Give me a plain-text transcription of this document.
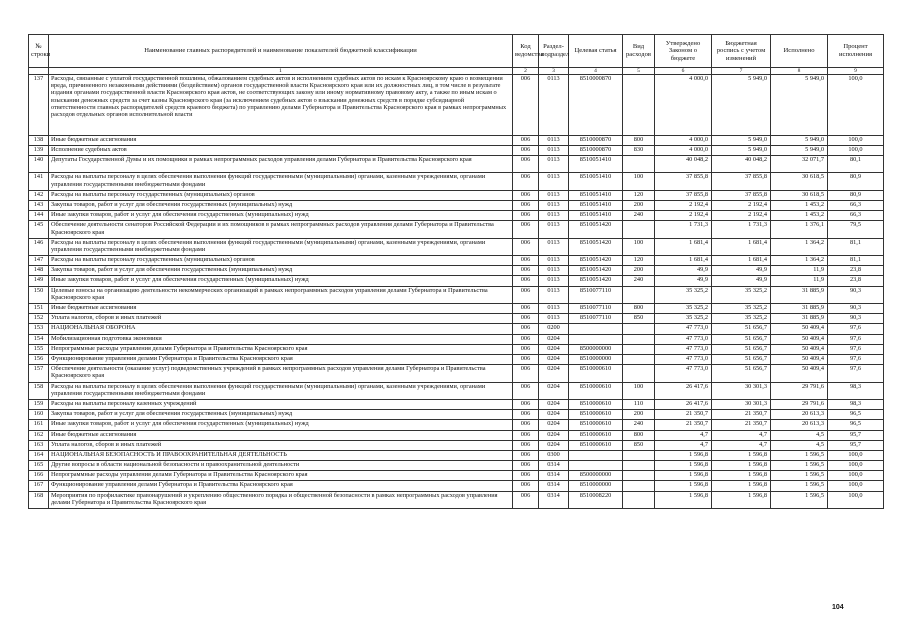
№ строки	Наименование главных распорядителей и наименование показателей бюджетной классификации	Код ведомства	Раздел-подраздел	Целевая статья	Вид расходов	Утверждено Законом о бюджете	Бюджетная роспись с учетом изменений	Исполнено	Процент исполнения
	1	2	3	4	5	6	7	8	9
137	Расходы, связанные с уплатой государственной пошлины, обжалованием судебных актов и исполнением судебных актов по искам к Красноярскому краю о возмещении вреда, причиненного незаконными действиями (бездействием) органов государственной власти Красноярского края или их должностных лиц, в том числе в результате издания органами государственной власти Красноярского края актов, не соответствующих закону или иному нормативному правовому акту, а также по иным искам о взыскании денежных средств за счет казны Красноярского края (за исключением судебных актов о взыскании денежных средств в порядке субсидиарной ответственности главных распорядителей средств краевого бюджета) по управлению делами Губернатора и Правительства Красноярского края в рамках непрограммных расходов отдельных органов исполнительной власти	006	0113	8510000870		4 000,0	5 949,0	5 949,0	100,0
138	Иные бюджетные ассигнования	006	0113	8510000870	800	4 000,0	5 949,0	5 949,0	100,0
139	Исполнение судебных актов	006	0113	8510000870	830	4 000,0	5 949,0	5 949,0	100,0
140	Депутаты Государственной Думы и их помощники в рамках непрограммных расходов управления делами Губернатора и Правительства Красноярского края	006	0113	8510051410		40 048,2	40 048,2	32 071,7	80,1
141	Расходы на выплаты персоналу в целях обеспечения выполнения функций государственными (муниципальными) органами, казенными учреждениями, органами управления государственными внебюджетными фондами	006	0113	8510051410	100	37 855,8	37 855,8	30 618,5	80,9
142	Расходы на выплаты персоналу государственных (муниципальных) органов	006	0113	8510051410	120	37 855,8	37 855,8	30 618,5	80,9
143	Закупка товаров, работ и услуг для обеспечения государственных (муниципальных) нужд	006	0113	8510051410	200	2 192,4	2 192,4	1 453,2	66,3
144	Иные закупки товаров, работ и услуг для обеспечения государственных (муниципальных) нужд	006	0113	8510051410	240	2 192,4	2 192,4	1 453,2	66,3
145	Обеспечение деятельности сенаторов Российской Федерации и их помощников в рамках непрограммных расходов управления делами Губернатора и Правительства Красноярского края	006	0113	8510051420		1 731,3	1 731,3	1 376,1	79,5
146	Расходы на выплаты персоналу в целях обеспечения выполнения функций государственными (муниципальными) органами, казенными учреждениями, органами управления государственными внебюджетными фондами	006	0113	8510051420	100	1 681,4	1 681,4	1 364,2	81,1
147	Расходы на выплаты персоналу государственных (муниципальных) органов	006	0113	8510051420	120	1 681,4	1 681,4	1 364,2	81,1
148	Закупка товаров, работ и услуг для обеспечения государственных (муниципальных) нужд	006	0113	8510051420	200	49,9	49,9	11,9	23,8
149	Иные закупки товаров, работ и услуг для обеспечения государственных (муниципальных) нужд	006	0113	8510051420	240	49,9	49,9	11,9	23,8
150	Целевые взносы на организацию деятельности некоммерческих организаций в рамках непрограммных расходов управления делами Губернатора и Правительства Красноярского края	006	0113	8510077110		35 325,2	35 325,2	31 885,9	90,3
151	Иные бюджетные ассигнования	006	0113	8510077110	800	35 325,2	35 325,2	31 885,9	90,3
152	Уплата налогов, сборов и иных платежей	006	0113	8510077110	850	35 325,2	35 325,2	31 885,9	90,3
153	НАЦИОНАЛЬНАЯ ОБОРОНА	006	0200			47 773,0	51 656,7	50 409,4	97,6
154	Мобилизационная подготовка экономики	006	0204			47 773,0	51 656,7	50 409,4	97,6
155	Непрограммные расходы управления делами Губернатора и Правительства Красноярского края	006	0204	8500000000		47 773,0	51 656,7	50 409,4	97,6
156	Функционирование управления делами Губернатора и Правительства Красноярского края	006	0204	8510000000		47 773,0	51 656,7	50 409,4	97,6
157	Обеспечение деятельности (оказание услуг) подведомственных учреждений в рамках непрограммных расходов управления делами Губернатора и Правительства Красноярского края	006	0204	8510000610		47 773,0	51 656,7	50 409,4	97,6
158	Расходы на выплаты персоналу в целях обеспечения выполнения функций государственными (муниципальными) органами, казенными учреждениями, органами управления государственными внебюджетными фондами	006	0204	8510000610	100	26 417,6	30 301,3	29 791,6	98,3
159	Расходы на выплаты персоналу казенных учреждений	006	0204	8510000610	110	26 417,6	30 301,3	29 791,6	98,3
160	Закупка товаров, работ и услуг для обеспечения государственных (муниципальных) нужд	006	0204	8510000610	200	21 350,7	21 350,7	20 613,3	96,5
161	Иные закупки товаров, работ и услуг для обеспечения государственных (муниципальных) нужд	006	0204	8510000610	240	21 350,7	21 350,7	20 613,3	96,5
162	Иные бюджетные ассигнования	006	0204	8510000610	800	4,7	4,7	4,5	95,7
163	Уплата налогов, сборов и иных платежей	006	0204	8510000610	850	4,7	4,7	4,5	95,7
164	НАЦИОНАЛЬНАЯ БЕЗОПАСНОСТЬ И ПРАВООХРАНИТЕЛЬНАЯ ДЕЯТЕЛЬНОСТЬ	006	0300			1 596,8	1 596,8	1 596,5	100,0
165	Другие вопросы в области национальной безопасности и правоохранительной деятельности	006	0314			1 596,8	1 596,8	1 596,5	100,0
166	Непрограммные расходы управления делами Губернатора и Правительства Красноярского края	006	0314	8500000000		1 596,8	1 596,8	1 596,5	100,0
167	Функционирование управления делами Губернатора и Правительства Красноярского края	006	0314	8510000000		1 596,8	1 596,8	1 596,5	100,0
168	Мероприятия по профилактике правонарушений и укреплению общественного порядка и общественной безопасности в рамках непрограммных расходов управления делами Губернатора и Правительства Красноярского края	006	0314	8510008220		1 596,8	1 596,8	1 596,5	100,0
104
